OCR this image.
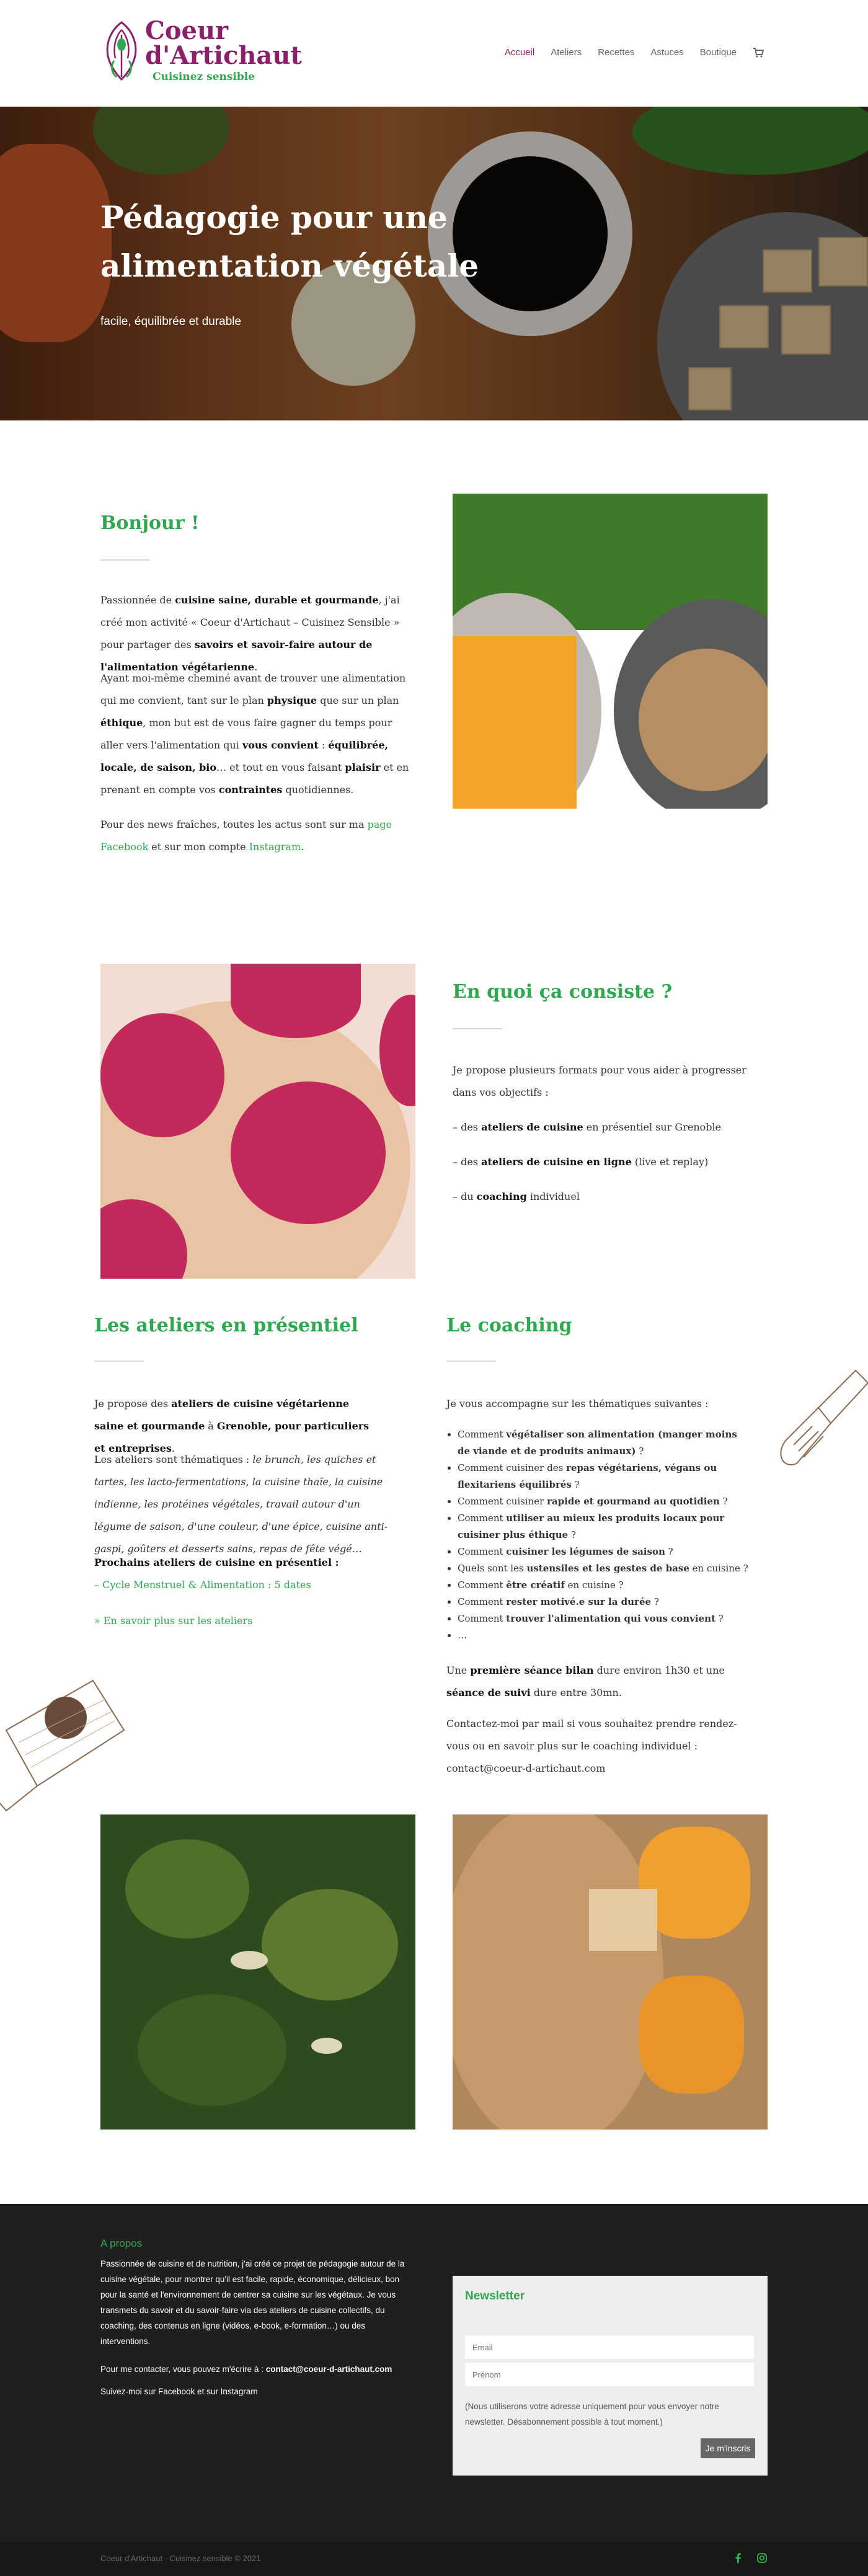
Coeur
d'Artichaut
Cuisinez sensible
Accueil Ateliers Recettes Astuces Boutique
Pédagogie pour une alimentation végétale
facile, équilibrée et durable
Bonjour !

Passionnée de cuisine saine, durable et gourmande, j'ai créé mon activité « Coeur d'Artichaut – Cuisinez Sensible » pour partager des savoirs et savoir-faire autour de l'alimentation végétarienne.

Ayant moi-même cheminé avant de trouver une alimentation qui me convient, tant sur le plan physique que sur un plan éthique, mon but est de vous faire gagner du temps pour aller vers l'alimentation qui vous convient : équilibrée, locale, de saison, bio… et tout en vous faisant plaisir et en prenant en compte vos contraintes quotidiennes.

Pour des news fraîches, toutes les actus sont sur ma page Facebook et sur mon compte Instagram.

En quoi ça consiste ?

Je propose plusieurs formats pour vous aider à progresser dans vos objectifs :

– des ateliers de cuisine en présentiel sur Grenoble

– des ateliers de cuisine en ligne (live et replay)

– du coaching individuel

Les ateliers en présentiel

Je propose des ateliers de cuisine végétarienne saine et gourmande à Grenoble, pour particuliers et entreprises.

Les ateliers sont thématiques : le brunch, les quiches et tartes, les lacto-fermentations, la cuisine thaïe, la cuisine indienne, les protéines végétales, travail autour d'un légume de saison, d'une couleur, d'une épice, cuisine anti-gaspi, goûters et desserts sains, repas de fête végé…

Prochains ateliers de cuisine en présentiel :
– Cycle Menstruel & Alimentation : 5 dates

» En savoir plus sur les ateliers

Le coaching

Je vous accompagne sur les thématiques suivantes :

• Comment végétaliser son alimentation (manger moins de viande et de produits animaux) ?
• Comment cuisiner des repas végétariens, végans ou flexitariens équilibrés ?
• Comment cuisiner rapide et gourmand au quotidien ?
• Comment utiliser au mieux les produits locaux pour cuisiner plus éthique ?
• Comment cuisiner les légumes de saison ?
• Quels sont les ustensiles et les gestes de base en cuisine ?
• Comment être créatif en cuisine ?
• Comment rester motivé.e sur la durée ?
• Comment trouver l'alimentation qui vous convient ?
• …

Une première séance bilan dure environ 1h30 et une séance de suivi dure entre 30mn.

Contactez-moi par mail si vous souhaitez prendre rendez-vous ou en savoir plus sur le coaching individuel : contact@coeur-d-artichaut.com

A propos
Passionnée de cuisine et de nutrition, j'ai créé ce projet de pédagogie autour de la cuisine végétale, pour montrer qu'il est facile, rapide, économique, délicieux, bon pour la santé et l'environnement de centrer sa cuisine sur les végétaux. Je vous transmets du savoir et du savoir-faire via des ateliers de cuisine collectifs, du coaching, des contenus en ligne (vidéos, e-book, e-formation…) ou des interventions.
Pour me contacter, vous pouvez m'écrire à : contact@coeur-d-artichaut.com
Suivez-moi sur Facebook et sur Instagram
Newsletter
Email
Prénom
(Nous utiliserons votre adresse uniquement pour vous envoyer notre newsletter. Désabonnement possible à tout moment.)
Je m'inscris
Coeur d'Artichaut - Cuisinez sensible © 2021
